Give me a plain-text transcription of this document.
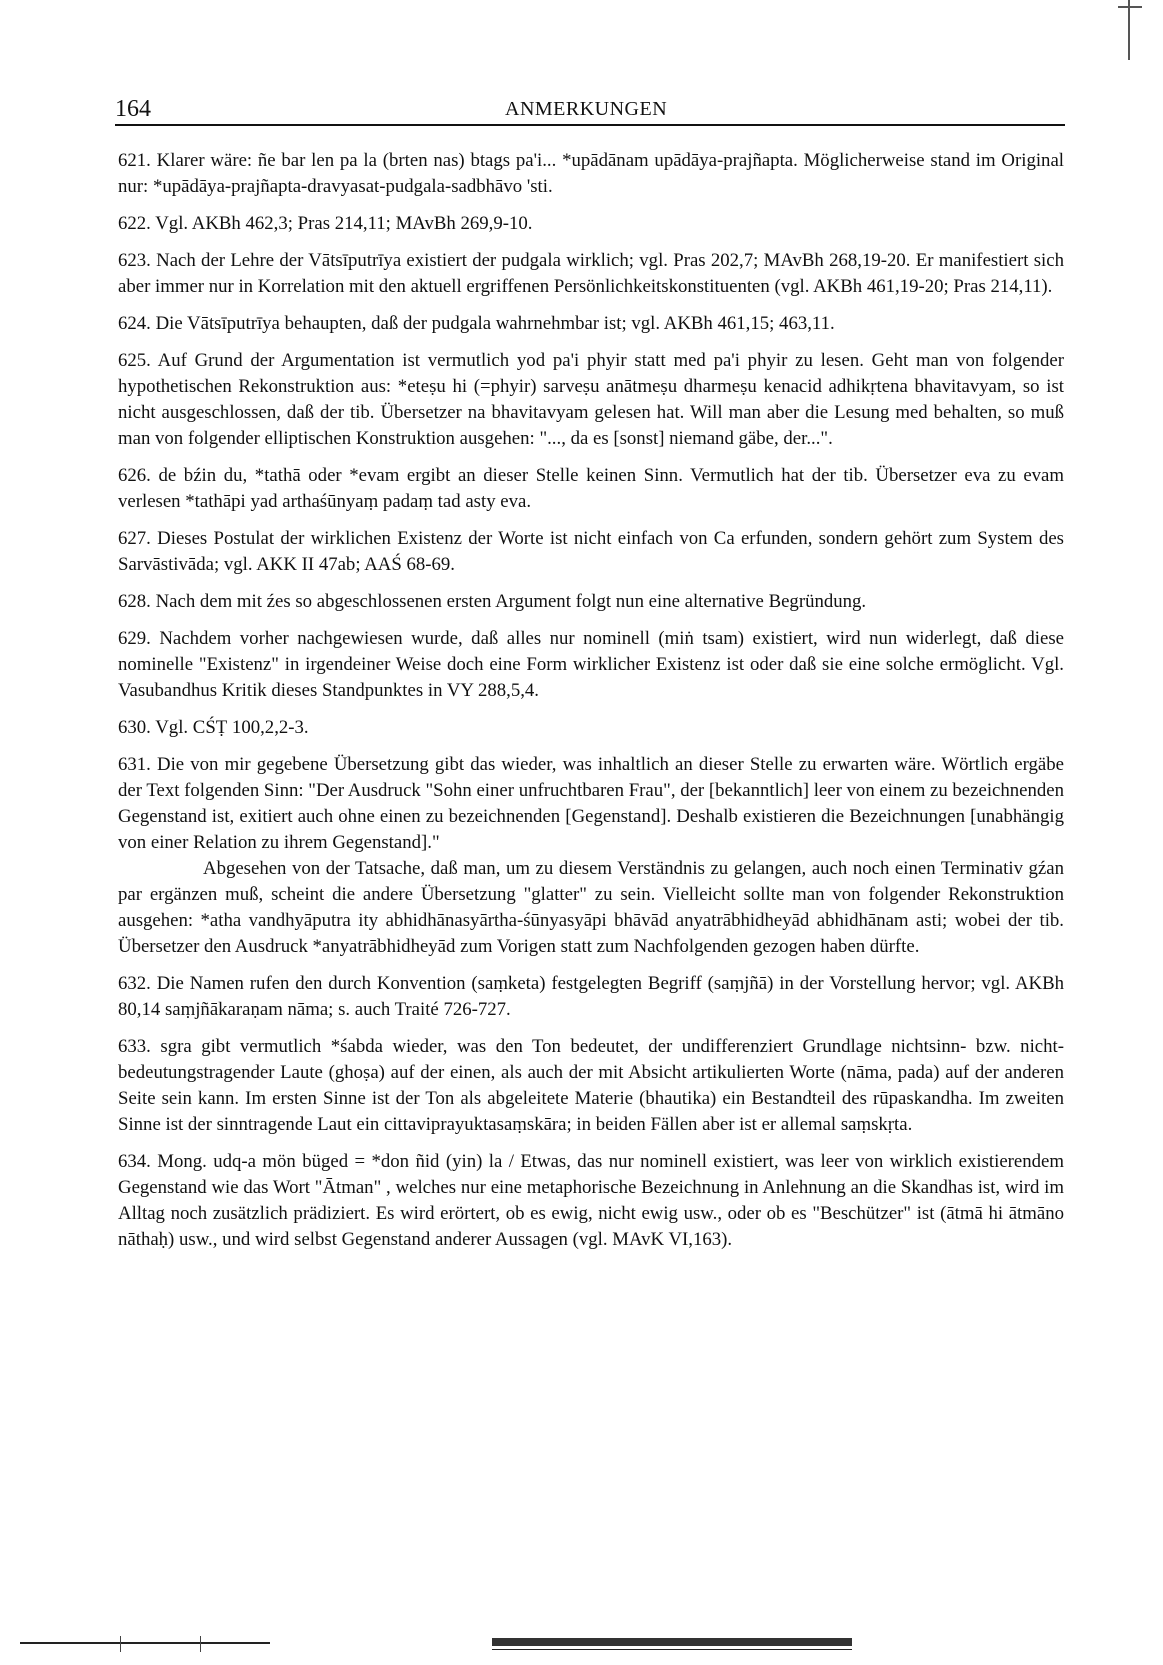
164	ANMERKUNGEN

621. Klarer wäre: ñe bar len pa la (brten nas) btags pa'i... *upādānam upādāya-prajñapta. Möglicherweise stand im Original nur: *upādāya-prajñapta-dravyasat-pudgala-sadbhāvo 'sti.

622. Vgl. AKBh 462,3; Pras 214,11; MAvBh 269,9-10.

623. Nach der Lehre der Vātsīputrīya existiert der pudgala wirklich; vgl. Pras 202,7; MAvBh 268,19-20. Er manifestiert sich aber immer nur in Korrelation mit den aktuell ergriffenen Persönlichkeitskonstituenten (vgl. AKBh 461,19-20; Pras 214,11).

624. Die Vātsīputrīya behaupten, daß der pudgala wahrnehmbar ist; vgl. AKBh 461,15; 463,11.

625. Auf Grund der Argumentation ist vermutlich yod pa'i phyir statt med pa'i phyir zu lesen. Geht man von folgender hypothetischen Rekonstruktion aus: *eteṣu hi (=phyir) sarveṣu anātmeṣu dharmeṣu kenacid adhikṛtena bhavitavyam, so ist nicht ausgeschlossen, daß der tib. Übersetzer na bhavitavyam gelesen hat. Will man aber die Lesung med behalten, so muß man von folgender elliptischen Konstruktion ausgehen: "..., da es [sonst] niemand gäbe, der...".

626. de bźin du, *tathā oder *evam ergibt an dieser Stelle keinen Sinn. Vermutlich hat der tib. Übersetzer eva zu evam verlesen *tathāpi yad arthaśūnyaṃ padaṃ tad asty eva.

627. Dieses Postulat der wirklichen Existenz der Worte ist nicht einfach von Ca erfunden, sondern gehört zum System des Sarvāstivāda; vgl. AKK II 47ab; AAŚ 68-69.

628. Nach dem mit źes so abgeschlossenen ersten Argument folgt nun eine alternative Begründung.

629. Nachdem vorher nachgewiesen wurde, daß alles nur nominell (miṅ tsam) existiert, wird nun widerlegt, daß diese nominelle "Existenz" in irgendeiner Weise doch eine Form wirklicher Existenz ist oder daß sie eine solche ermöglicht. Vgl. Vasubandhus Kritik dieses Standpunktes in VY 288,5,4.

630. Vgl. CŚṬ 100,2,2-3.

631. Die von mir gegebene Übersetzung gibt das wieder, was inhaltlich an dieser Stelle zu erwarten wäre. Wörtlich ergäbe der Text folgenden Sinn: "Der Ausdruck "Sohn einer unfruchtbaren Frau", der [bekanntlich] leer von einem zu bezeichnenden Gegenstand ist, exitiert auch ohne einen zu bezeichnenden [Gegenstand]. Deshalb existieren die Bezeichnungen [unabhängig von einer Relation zu ihrem Gegenstand]."

Abgesehen von der Tatsache, daß man, um zu diesem Verständnis zu gelangen, auch noch einen Terminativ gźan par ergänzen muß, scheint die andere Übersetzung "glatter" zu sein. Vielleicht sollte man von folgender Rekonstruktion ausgehen: *atha vandhyāputra ity abhidhānasyārtha-śūnyasyāpi bhāvād anyatrābhidheyād abhidhānam asti; wobei der tib. Übersetzer den Ausdruck *anyatrābhidheyād zum Vorigen statt zum Nachfolgenden gezogen haben dürfte.

632. Die Namen rufen den durch Konvention (saṃketa) festgelegten Begriff (saṃjñā) in der Vorstellung hervor; vgl. AKBh 80,14 saṃjñākaraṇam nāma; s. auch Traité 726-727.

633. sgra gibt vermutlich *śabda wieder, was den Ton bedeutet, der undifferenziert Grundlage nichtsinn- bzw. nicht-bedeutungstragender Laute (ghoṣa) auf der einen, als auch der mit Absicht artikulierten Worte (nāma, pada) auf der anderen Seite sein kann. Im ersten Sinne ist der Ton als abgeleitete Materie (bhautika) ein Bestandteil des rūpaskandha. Im zweiten Sinne ist der sinntragende Laut ein cittaviprayuktasaṃskāra; in beiden Fällen aber ist er allemal saṃskṛta.

634. Mong. udq-a mön büged = *don ñid (yin) la / Etwas, das nur nominell existiert, was leer von wirklich existierendem Gegenstand wie das Wort "Ātman" , welches nur eine metaphorische Bezeichnung in Anlehnung an die Skandhas ist, wird im Alltag noch zusätzlich prädiziert. Es wird erörtert, ob es ewig, nicht ewig usw., oder ob es "Beschützer" ist (ātmā hi ātmāno nāthaḥ) usw., und wird selbst Gegenstand anderer Aussagen (vgl. MAvK VI,163).
